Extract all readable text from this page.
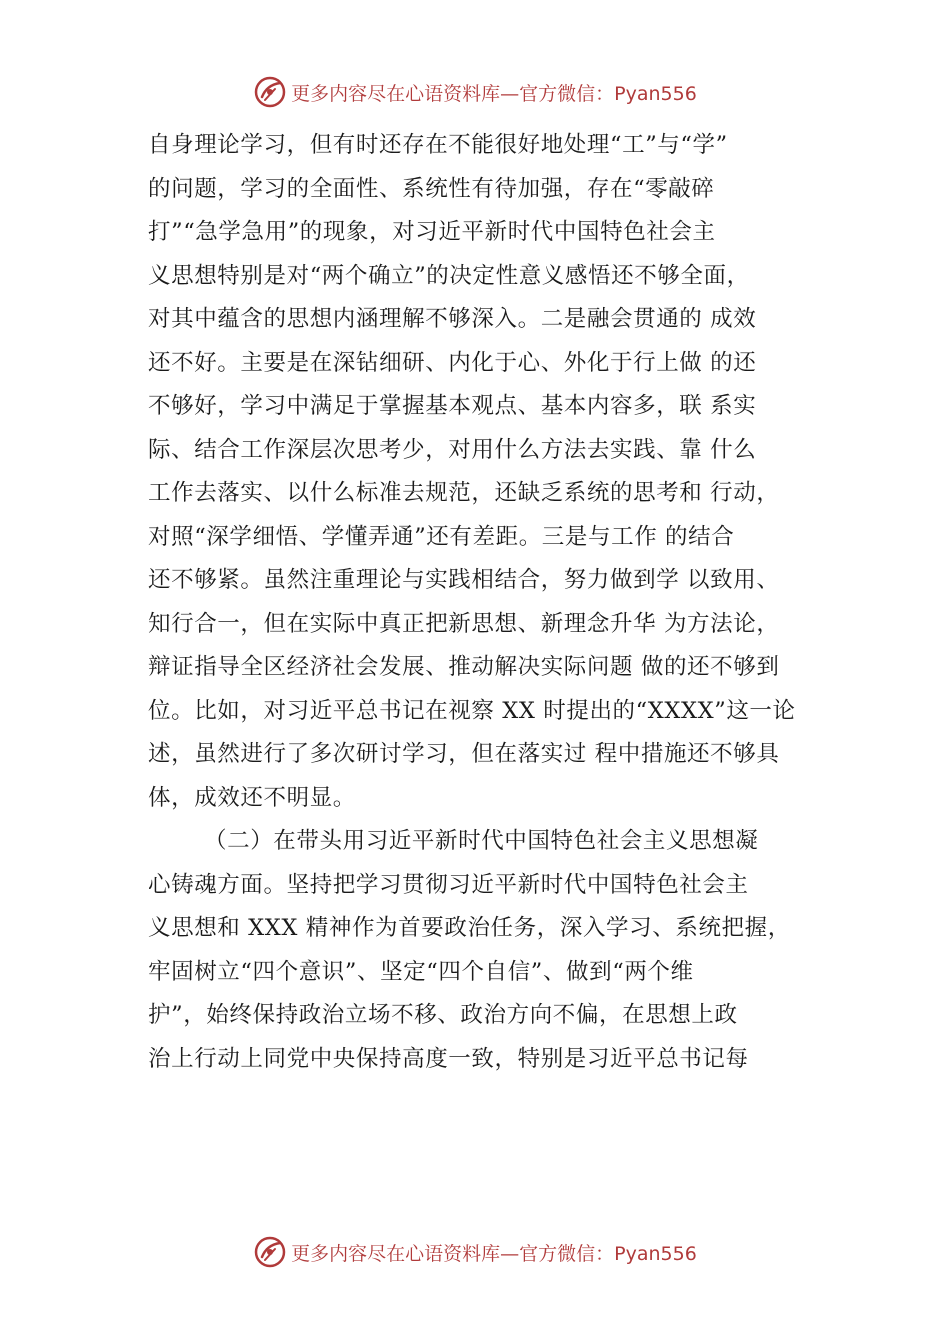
更多内容尽在心语资料库—官方微信：Pyan556
自身理论学习，但有时还存在不能很好地处理“工”与“学”
的问题，学习的全面性、系统性有待加强，存在“零敲碎
打”“急学急用”的现象，对习近平新时代中国特色社会主
义思想特别是对“两个确立”的决定性意义感悟还不够全面，
对其中蕴含的思想内涵理解不够深入。二是融会贯通的 成效
还不好。主要是在深钻细研、内化于心、外化于行上做 的还
不够好，学习中满足于掌握基本观点、基本内容多，联 系实
际、结合工作深层次思考少，对用什么方法去实践、靠 什么
工作去落实、以什么标准去规范，还缺乏系统的思考和 行动，
对照“深学细悟、学懂弄通”还有差距。三是与工作 的结合
还不够紧。虽然注重理论与实践相结合，努力做到学 以致用、
知行合一，但在实际中真正把新思想、新理念升华 为方法论，
辩证指导全区经济社会发展、推动解决实际问题 做的还不够到
位。比如，对习近平总书记在视察 XX 时提出的“XXXX”这一论
述，虽然进行了多次研讨学习，但在落实过 程中措施还不够具
体，成效还不明显。
（二）在带头用习近平新时代中国特色社会主义思想凝
心铸魂方面。坚持把学习贯彻习近平新时代中国特色社会主
义思想和 XXX 精神作为首要政治任务，深入学习、系统把握，
牢固树立“四个意识”、坚定“四个自信”、做到“两个维
护”，始终保持政治立场不移、政治方向不偏，在思想上政
治上行动上同党中央保持高度一致，特别是习近平总书记每
更多内容尽在心语资料库—官方微信：Pyan556
